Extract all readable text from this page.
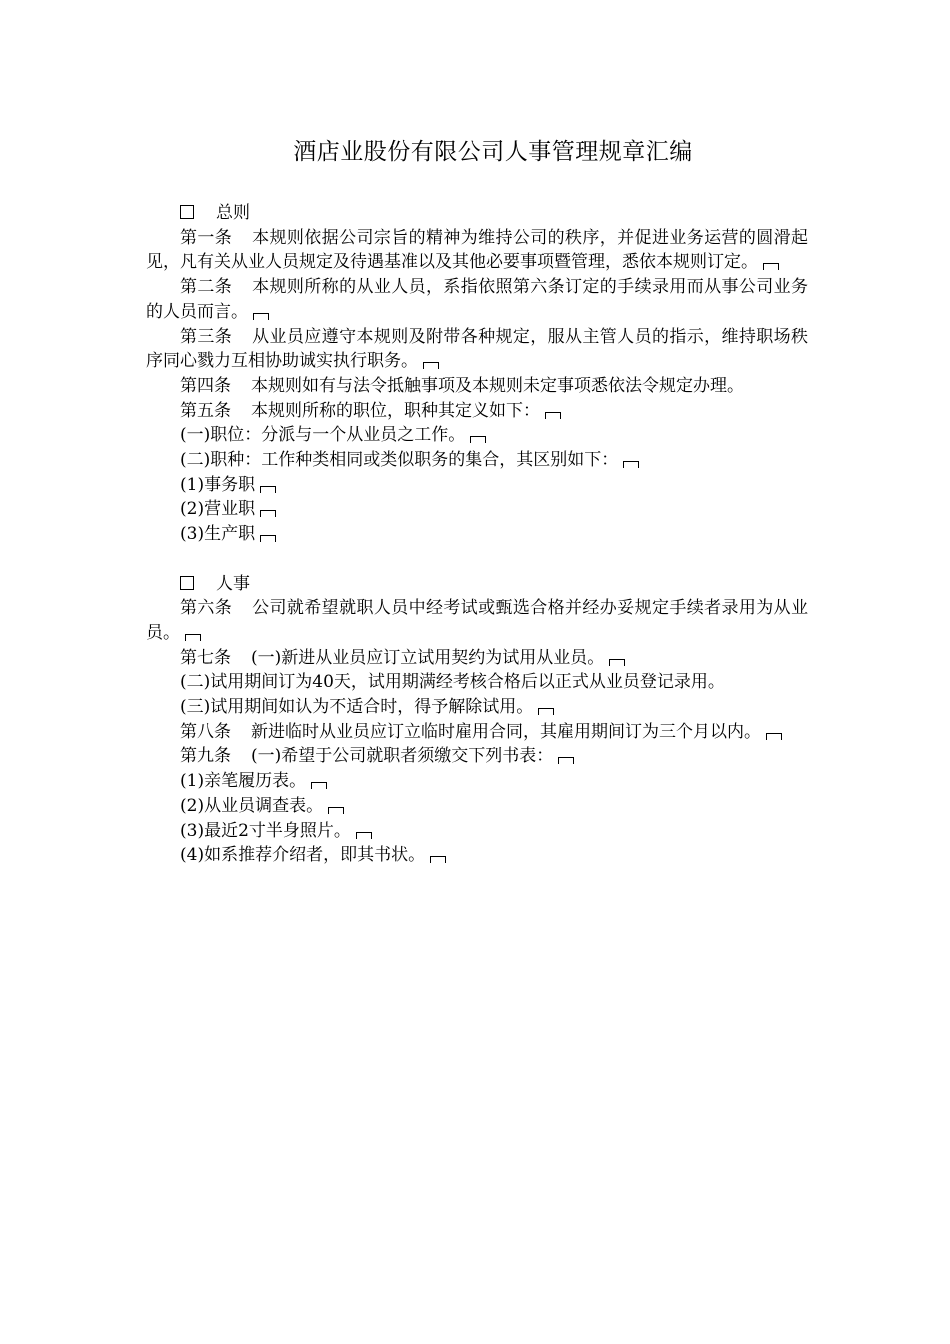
酒店业股份有限公司人事管理规章汇编

总则

第一条 本规则依据公司宗旨的精神为维持公司的秩序，并促进业务运营的圆滑起见，凡有关从业人员规定及待遇基准以及其他必要事项暨管理，悉依本规则订定。

第二条 本规则所称的从业人员，系指依照第六条订定的手续录用而从事公司业务的人员而言。

第三条 从业员应遵守本规则及附带各种规定，服从主管人员的指示，维持职场秩序同心戮力互相协助诚实执行职务。

第四条 本规则如有与法令抵触事项及本规则未定事项悉依法令规定办理。

第五条 本规则所称的职位，职种其定义如下：

(一)职位：分派与一个从业员之工作。

(二)职种：工作种类相同或类似职务的集合，其区别如下：

(1)事务职

(2)营业职

(3)生产职

人事

第六条 公司就希望就职人员中经考试或甄选合格并经办妥规定手续者录用为从业员。

第七条 (一)新进从业员应订立试用契约为试用从业员。

(二)试用期间订为40天，试用期满经考核合格后以正式从业员登记录用。

(三)试用期间如认为不适合时，得予解除试用。

第八条 新进临时从业员应订立临时雇用合同，其雇用期间订为三个月以内。

第九条 (一)希望于公司就职者须缴交下列书表：

(1)亲笔履历表。

(2)从业员调查表。

(3)最近2寸半身照片。

(4)如系推荐介绍者，即其书状。
